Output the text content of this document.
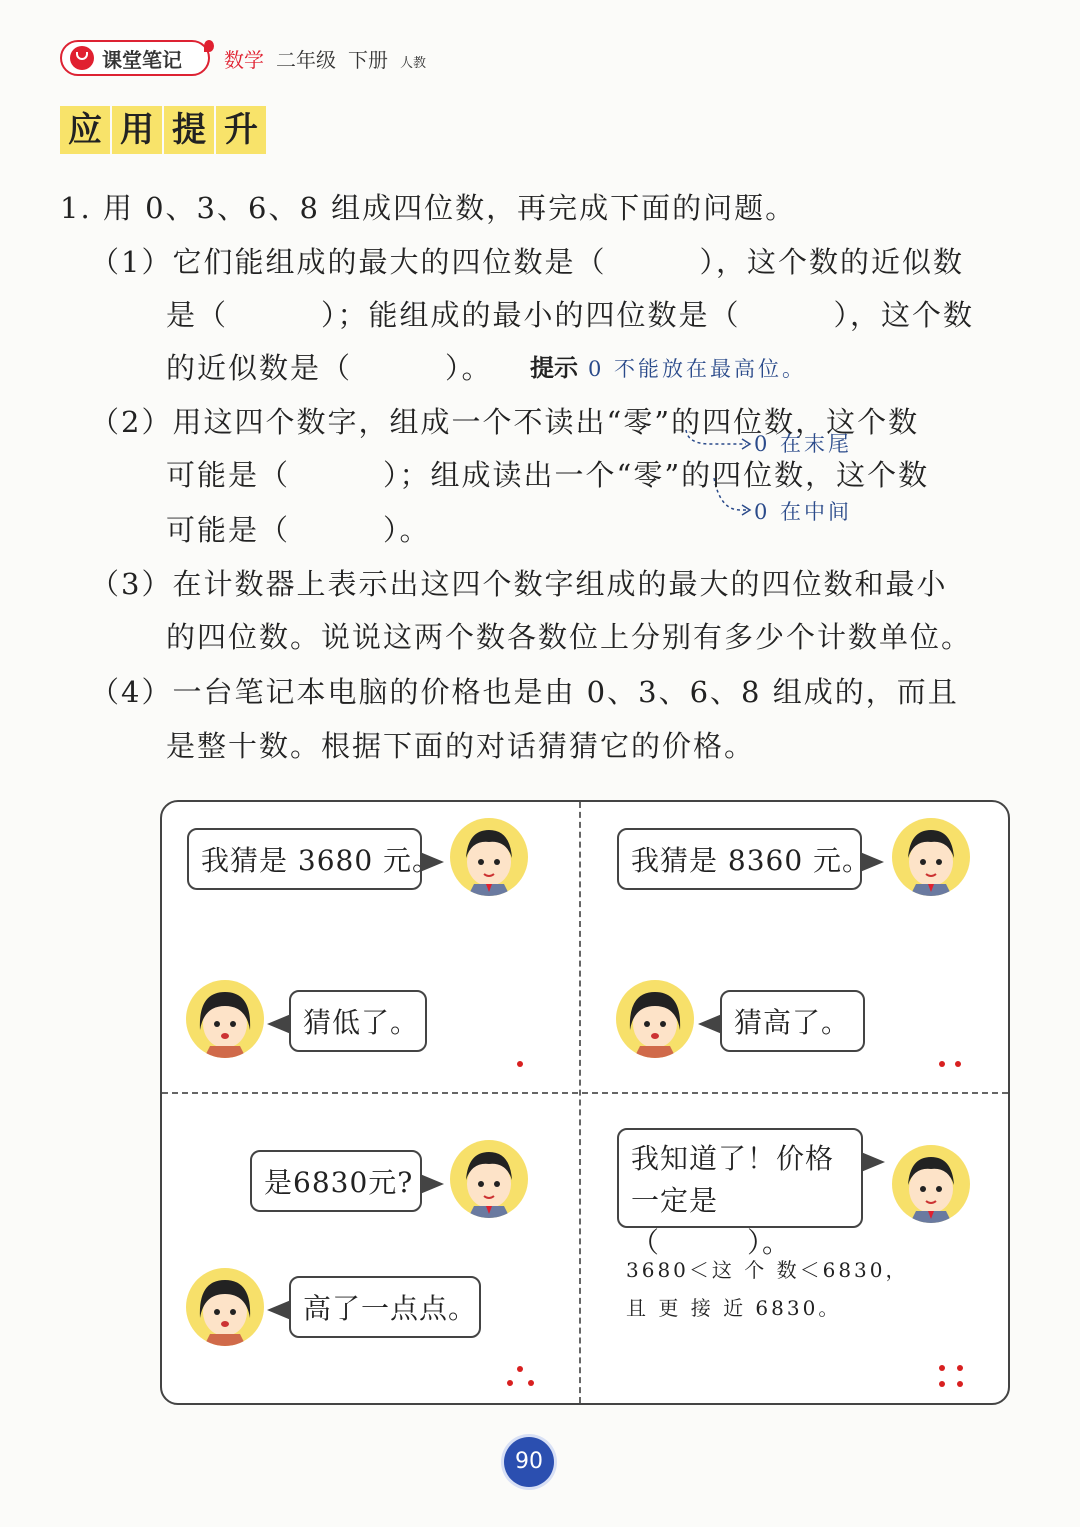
课堂笔记 数学 二年级 下册 人教
应 用 提 升
1. 用 0、3、6、8 组成四位数，再完成下面的问题。
（1）它们能组成的最大的四位数是（　　　），这个数的近似数
是（　　　）；能组成的最小的四位数是（　　　），这个数
的近似数是（　　　）。 提示 0 不能放在最高位。
（2）用这四个数字，组成一个不读出“零”的四位数，这个数
0 在末尾
可能是（　　　）；组成读出一个“零”的四位数，这个数
0 在中间
可能是（　　　）。
（3）在计数器上表示出这四个数字组成的最大的四位数和最小
的四位数。说说这两个数各数位上分别有多少个计数单位。
（4）一台笔记本电脑的价格也是由 0、3、6、8 组成的，而且
是整十数。根据下面的对话猜猜它的价格。
我猜是 3680 元。
猜低了。
我猜是 8360 元。
猜高了。
是6830元?
高了一点点。
我知道了！价格
一定是（　　　）。
3680＜这 个 数＜6830，
且 更 接 近 6830。
90
